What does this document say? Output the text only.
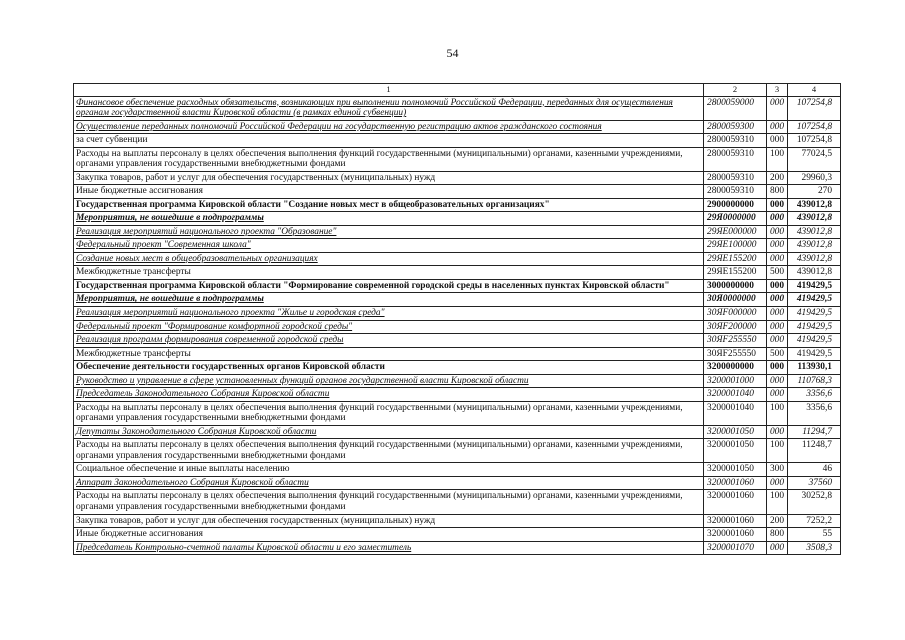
54
1	2	3	4
Финансовое обеспечение расходных обязательств, возникающих при выполнении полномочий Российской Федерации, переданных для осуществления органам государственной власти Кировской области (в рамках единой субвенции)	2800059000	000	107254,8
Осуществление переданных полномочий Российской Федерации на государственную регистрацию актов гражданского состояния	2800059300	000	107254,8
за счет субвенции	2800059310	000	107254,8
Расходы на выплаты персоналу в целях обеспечения выполнения функций государственными (муниципальными) органами, казенными учреждениями, органами управления государственными внебюджетными фондами	2800059310	100	77024,5
Закупка товаров, работ и услуг для обеспечения государственных (муниципальных) нужд	2800059310	200	29960,3
Иные бюджетные ассигнования	2800059310	800	270
Государственная программа Кировской области "Создание новых мест в общеобразовательных организациях"	2900000000	000	439012,8
Мероприятия, не вошедшие в подпрограммы	29Я0000000	000	439012,8
Реализация мероприятий национального проекта "Образование"	29ЯЕ000000	000	439012,8
Федеральный проект "Современная школа"	29ЯЕ100000	000	439012,8
Создание новых мест в общеобразовательных организациях	29ЯЕ155200	000	439012,8
Межбюджетные трансферты	29ЯЕ155200	500	439012,8
Государственная программа Кировской области "Формирование современной городской среды в населенных пунктах Кировской области"	3000000000	000	419429,5
Мероприятия, не вошедшие в подпрограммы	30Я0000000	000	419429,5
Реализация мероприятий национального проекта "Жилье и городская среда"	30ЯF000000	000	419429,5
Федеральный проект "Формирование комфортной городской среды"	30ЯF200000	000	419429,5
Реализация программ формирования современной городской среды	30ЯF255550	000	419429,5
Межбюджетные трансферты	30ЯF255550	500	419429,5
Обеспечение деятельности государственных органов Кировской области	3200000000	000	113930,1
Руководство и управление в сфере установленных функций органов государственной власти Кировской области	3200001000	000	110768,3
Председатель Законодательного Собрания Кировской области	3200001040	000	3356,6
Расходы на выплаты персоналу в целях обеспечения выполнения функций государственными (муниципальными) органами, казенными учреждениями, органами управления государственными внебюджетными фондами	3200001040	100	3356,6
Депутаты Законодательного Собрания Кировской области	3200001050	000	11294,7
Расходы на выплаты персоналу в целях обеспечения выполнения функций государственными (муниципальными) органами, казенными учреждениями, органами управления государственными внебюджетными фондами	3200001050	100	11248,7
Социальное обеспечение и иные выплаты населению	3200001050	300	46
Аппарат Законодательного Собрания Кировской области	3200001060	000	37560
Расходы на выплаты персоналу в целях обеспечения выполнения функций государственными (муниципальными) органами, казенными учреждениями, органами управления государственными внебюджетными фондами	3200001060	100	30252,8
Закупка товаров, работ и услуг для обеспечения государственных (муниципальных) нужд	3200001060	200	7252,2
Иные бюджетные ассигнования	3200001060	800	55
Председатель Контрольно-счетной палаты Кировской области и его заместитель	3200001070	000	3508,3
